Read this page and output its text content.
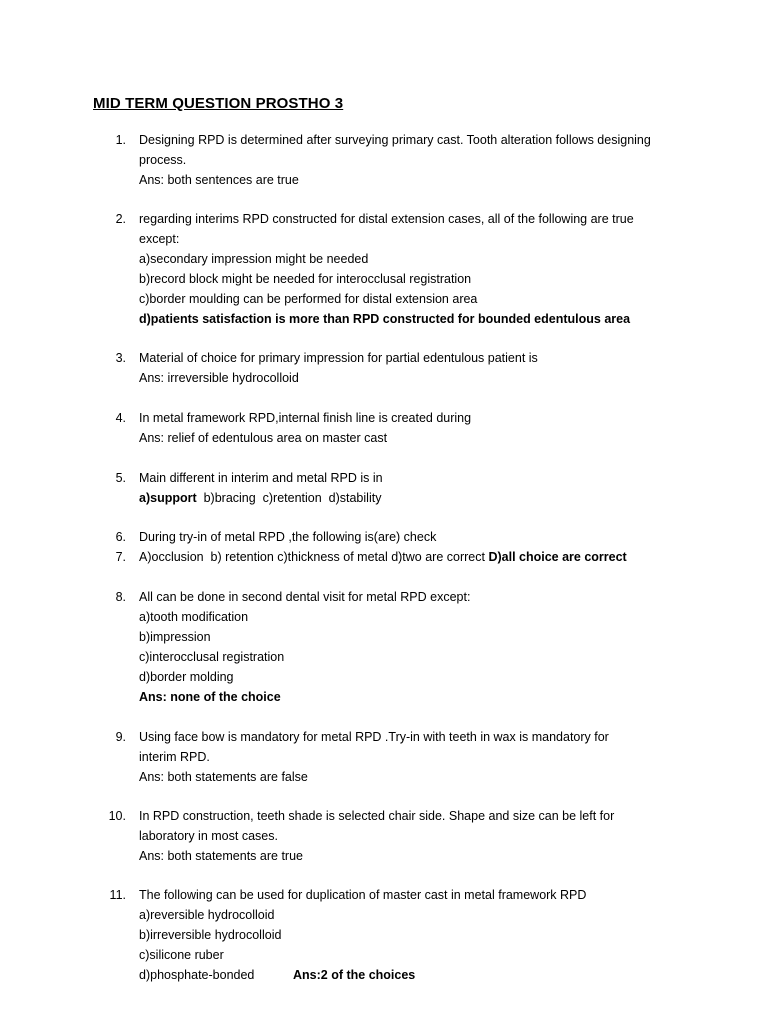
MID TERM QUESTION PROSTHO 3
1. Designing RPD is determined after surveying primary cast. Tooth alteration follows designing
process.
Ans: both sentences are true
2. regarding interims RPD constructed for distal extension cases, all of the following are true
except:
a)secondary impression might be needed
b)record block might be needed for interocclusal registration
c)border moulding can be performed for distal extension area
d)patients satisfaction is more than RPD constructed for bounded edentulous area
3. Material of choice for primary impression for partial edentulous patient is
Ans: irreversible hydrocolloid
4. In metal framework RPD,internal finish line is created during
Ans: relief of edentulous area on master cast
5. Main different in interim and metal RPD is in
a)support  b)bracing  c)retention  d)stability
6. During try-in of metal RPD ,the following is(are) check
7. A)occlusion  b) retention c)thickness of metal d)two are correct D)all choice are correct
8. All can be done in second dental visit for metal RPD except:
a)tooth modification
b)impression
c)interocclusal registration
d)border molding
Ans: none of the choice
9. Using face bow is mandatory for metal RPD .Try-in with teeth in wax is mandatory for
interim RPD.
Ans: both statements are false
10. In RPD construction, teeth shade is selected chair side. Shape and size can be left for
laboratory in most cases.
Ans: both statements are true
11. The following can be used for duplication of master cast in metal framework RPD
a)reversible hydrocolloid
b)irreversible hydrocolloid
c)silicone ruber
d)phosphate-bonded	Ans:2 of the choices
